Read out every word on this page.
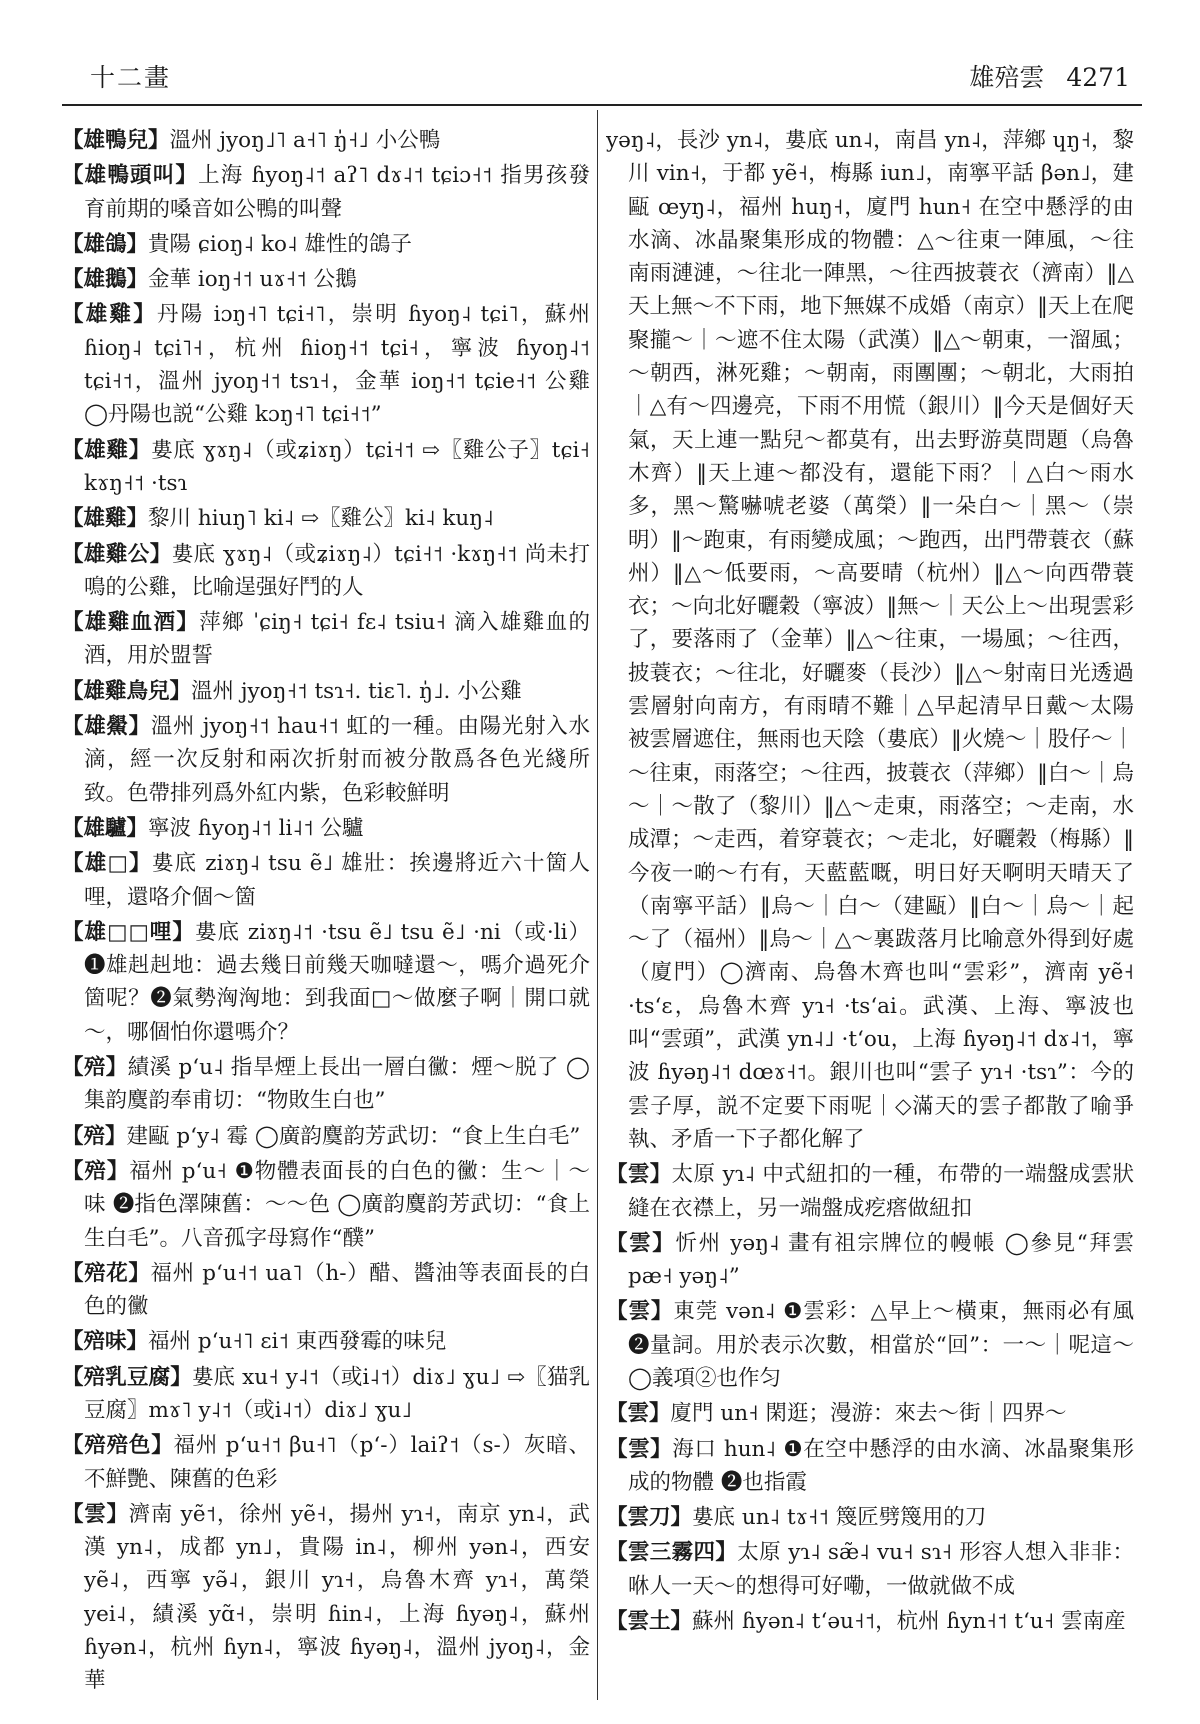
十二畫	雄殕雲 4271

【雄鴨兒】溫州 jyoŋ˩˥ a˧˥ ŋ̍˧˩ 小公鴨

【雄鴨頭叫】上海 ɦyoŋ˨˦ aʔ˥ dɤ˨˦ tɕiɔ˧˦ 指男孩發育前期的嗓音如公鴨的叫聲

【雄鴿】貴陽 ɕioŋ˨ ko˨ 雄性的鴿子

【雄鵝】金華 ioŋ˧˦ uɤ˧˦ 公鵝

【雄雞】丹陽 iɔŋ˧˥ tɕi˧˥，崇明 ɦyoŋ˨ tɕi˥，蘇州 ɦioŋ˨ tɕi˥˧，杭州 ɦioŋ˧˦ tɕi˧，寧波 ɦyoŋ˨˦ tɕi˧˦，溫州 jyoŋ˧˦ tsɿ˧，金華 ioŋ˧˦ tɕie˧˦ 公雞 ◯丹陽也説“公雞 kɔŋ˧˥ tɕi˧˦”

【雄雞】婁底 ɣɤŋ˨（或ʑiɤŋ）tɕi˧˦ ⇨〖雞公子〗tɕi˧ kɤŋ˧˦ ·tsɿ

【雄雞】黎川 hiuŋ˥ ki˨ ⇨〖雞公〗ki˨ kuŋ˨

【雄雞公】婁底 ɣɤŋ˨（或ʑiɤŋ˨）tɕi˧˦ ·kɤŋ˧˦ 尚未打鳴的公雞，比喻逞强好鬥的人

【雄雞血酒】萍鄉 ˈɕiŋ˧ tɕi˧ fɛ˨ tsiu˧ 滴入雄雞血的酒，用於盟誓

【雄雞鳥兒】溫州 jyoŋ˧˦ tsɿ˧. tiɛ˥. ŋ̍˩. 小公雞

【雄鱟】溫州 jyoŋ˧˦ hau˧˦ 虹的一種。由陽光射入水滴，經一次反射和兩次折射而被分散爲各色光綫所致。色帶排列爲外紅内紫，色彩較鮮明

【雄驢】寧波 ɦyoŋ˨˦ li˨˦ 公驢

【雄□】婁底 ziɤŋ˨ tsu ẽ˩ 雄壯：挨邊將近六十箇人哩，還咯介個～箇

【雄□□哩】婁底 ziɤŋ˨˦ ·tsu ẽ˩ tsu ẽ˩ ·ni（或·li）❶雄赳赳地：過去幾日前幾天咖噠還～，嗎介過死介箇呢？❷氣勢洶洶地：到我面□～做麼子啊｜開口就～，哪個怕你還嗎介？

【殕】績溪 pʻu˨ 指旱煙上長出一層白黴：煙～脱了 ◯集韵麌韵奉甫切：“物敗生白也”

【殕】建甌 pʻy˨ 霉 ◯廣韵麌韵芳武切：“食上生白毛”

【殕】福州 pʻu˧ ❶物體表面長的白色的黴：生～｜～味 ❷指色澤陳舊：～～色 ◯廣韵麌韵芳武切：“食上生白毛”。八音孤字母寫作“醭”

【殕花】福州 pʻu˧˦ ua˥（h-）醋、醬油等表面長的白色的黴

【殕味】福州 pʻu˧˥ ɛi˦ 東西發霉的味兒

【殕乳豆腐】婁底 xu˧ y˨˦（或i˨˦）diɤ˩ ɣu˩ ⇨〖猫乳豆腐〗mɤ˥ y˨˦（或i˨˦）diɤ˩ ɣu˩

【殕殕色】福州 pʻu˧˦ βu˧˥（pʻ-）laiʔ˦（s-）灰暗、不鮮艷、陳舊的色彩

【雲】濟南 yẽ˦，徐州 yẽ˧，揚州 yɿ˧，南京 yn˨，武漢 yn˨，成都 yn˩，貴陽 in˨，柳州 yən˨，西安 yẽ˨，西寧 yə̃˨，銀川 yɿ˧，烏魯木齊 yɿ˧，萬榮 yei˨，績溪 yɑ̃˧，崇明 ɦin˨，上海 ɦyəŋ˨，蘇州 ɦyən˨，杭州 ɦyn˨，寧波 ɦyəŋ˨，溫州 jyoŋ˨，金華

yəŋ˨，長沙 yn˨，婁底 un˨，南昌 yn˨，萍鄉 ɥŋ˧，黎川 vin˧，于都 yẽ˧，梅縣 iun˩，南寧平話 βən˩，建甌 œyŋ˨，福州 huŋ˧，廈門 hun˧ 在空中懸浮的由水滴、冰晶聚集形成的物體：△～往東一陣風，～往南雨漣漣，～往北一陣黑，～往西披蓑衣（濟南）‖△天上無～不下雨，地下無媒不成婚（南京）‖天上在爬聚攏～｜～遮不住太陽（武漢）‖△～朝東，一溜風；～朝西，淋死雞；～朝南，雨團團；～朝北，大雨拍｜△有～四邊亮，下雨不用慌（銀川）‖今天是個好天氣，天上連一點兒～都莫有，出去野游莫問題（烏魯木齊）‖天上連～都没有，還能下雨？｜△白～雨水多，黑～驚嚇唬老婆（萬榮）‖一朵白～｜黑～（崇明）‖～跑東，有雨變成風；～跑西，出門帶蓑衣（蘇州）‖△～低要雨，～高要晴（杭州）‖△～向西帶蓑衣；～向北好曬穀（寧波）‖無～｜天公上～出現雲彩了，要落雨了（金華）‖△～往東，一場風；～往西，披蓑衣；～往北，好曬麥（長沙）‖△～射南日光透過雲層射向南方，有雨晴不難｜△早起清早日戴～太陽被雲層遮住，無雨也天陰（婁底）‖火燒～｜股仔～｜～往東，雨落空；～往西，披蓑衣（萍鄉）‖白～｜烏～｜～散了（黎川）‖△～走東，雨落空；～走南，水成潭；～走西，着穿蓑衣；～走北，好曬穀（梅縣）‖今夜一啲～冇有，天藍藍嘅，明日好天啊明天晴天了（南寧平話）‖烏～｜白～（建甌）‖白～｜烏～｜起～了（福州）‖烏～｜△～裏跋落月比喻意外得到好處（廈門）◯濟南、烏魯木齊也叫“雲彩”，濟南 yẽ˧ ·tsʻɛ，烏魯木齊 yɿ˧ ·tsʻai。武漢、上海、寧波也叫“雲頭”，武漢 yn˨˩ ·tʻou，上海 ɦyəŋ˨˦ dɤ˨˦，寧波 ɦyəŋ˨˦ dœɤ˧˦。銀川也叫“雲子 yɿ˧ ·tsɿ”：今的雲子厚，説不定要下雨呢｜◇滿天的雲子都散了喻爭執、矛盾一下子都化解了

【雲】太原 yɿ˨ 中式紐扣的一種，布帶的一端盤成雲狀縫在衣襟上，另一端盤成疙瘩做紐扣

【雲】忻州 yəŋ˨ 畫有祖宗牌位的幔帳 ◯參見“拜雲 pæ˧ yəŋ˨”

【雲】東莞 vən˨ ❶雲彩：△早上～橫東，無雨必有風 ❷量詞。用於表示次數，相當於“回”：一～｜呢這～ ◯義項②也作匀

【雲】廈門 un˧ 閑逛；漫游：來去～街｜四界～

【雲】海口 hun˨ ❶在空中懸浮的由水滴、冰晶聚集形成的物體 ❷也指霞

【雲刀】婁底 un˨ tɤ˧˦ 篾匠劈篾用的刀

【雲三霧四】太原 yɿ˨ sæ̃˨ vu˧ sɿ˧ 形容人想入非非：咻人一天～的想得可好嘞，一做就做不成

【雲土】蘇州 ɦyən˨ tʻəu˧˦，杭州 ɦyn˧˦ tʻu˧ 雲南産
